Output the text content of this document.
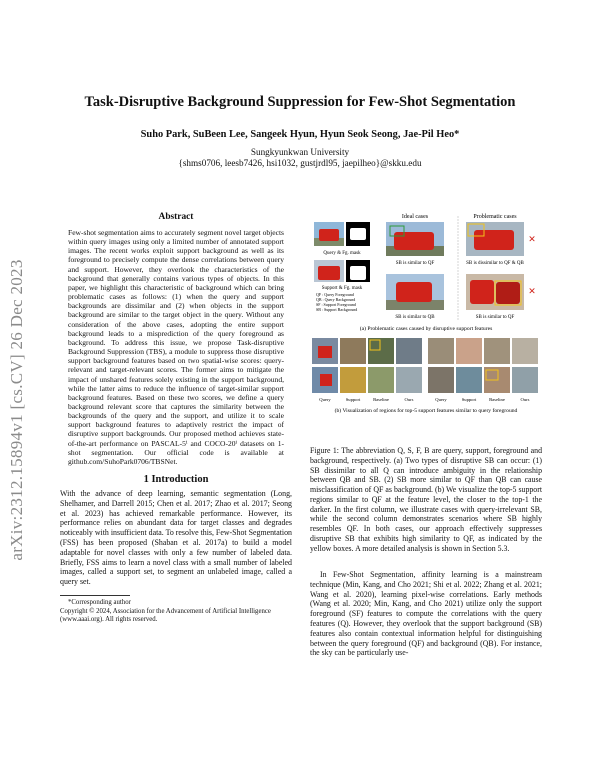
arXiv:2312.15894v1 [cs.CV] 26 Dec 2023
Task-Disruptive Background Suppression for Few-Shot Segmentation
Suho Park, SuBeen Lee, Sangeek Hyun, Hyun Seok Seong, Jae-Pil Heo*
Sungkyunkwan University
{shms0706, leesb7426, hsi1032, gustjrdl95, jaepilheo}@skku.edu
Abstract

Few-shot segmentation aims to accurately segment novel target objects within query images using only a limited number of annotated support images. The recent works exploit support background as well as its foreground to precisely compute the dense correlations between query and support. However, they overlook the characteristics of the background that generally contains various types of objects. In this paper, we highlight this characteristic of background which can bring problematic cases as follows: (1) when the query and support backgrounds are dissimilar and (2) when objects in the support background are similar to the target object in the query. Without any consideration of the above cases, adopting the entire support background leads to a misprediction of the query foreground as background. To address this issue, we propose Task-disruptive Background Suppression (TBS), a module to suppress those disruptive support background features based on two spatial-wise scores: query-relevant and target-relevant scores. The former aims to mitigate the impact of unshared features solely existing in the support background, while the latter aims to reduce the influence of target-similar support background features. Based on these two scores, we define a query background relevant score that captures the similarity between the backgrounds of the query and the support, and utilize it to scale support background features to adaptively restrict the impact of disruptive support backgrounds. Our proposed method achieves state-of-the-art performance on PASCAL-5ⁱ and COCO-20ⁱ datasets on 1-shot segmentation. Our official code is available at github.com/SuhoPark0706/TBSNet.

1 Introduction

With the advance of deep learning, semantic segmentation (Long, Shelhamer, and Darrell 2015; Chen et al. 2017; Zhao et al. 2017; Seong et al. 2023) has achieved remarkable performance. However, its performance relies on abundant data for target classes and degrades noticeably with insufficient data. To resolve this, Few-Shot Segmentation (FSS) has been proposed (Shaban et al. 2017a) to build a model adaptable for novel classes with only a few number of labeled data. Briefly, FSS aims to learn a novel class with a small number of labeled images, called a support set, to segment an unlabeled image, called a query set.

*Corresponding author

Copyright © 2024, Association for the Advancement of Artificial Intelligence (www.aaai.org). All rights reserved.

Ideal cases	Problematic cases
Query & Fg. mask
Support & Fg. mask
QF : Query Foreground
QB : Query Background
SF : Support Foreground
SB : Support Background
SB is similar to QF
SB is similar to QB
✕
SB is dissimilar to QF & QB
✕
SB is similar to QF
(a) Problematic cases caused by disruptive support features
Query	Support	Baseline	Ours	Query	Support	Baseline	Ours
(b) Visualization of regions for top-5 support features similar to query foreground

Figure 1: The abbreviation Q, S, F, B are query, support, foreground and background, respectively. (a) Two types of disruptive SB can occur: (1) SB dissimilar to all Q can introduce ambiguity in the relationship between QB and SB. (2) SB more similar to QF than QB can cause misclassification of QF as background. (b) We visualize the top-5 support regions similar to QF at the feature level, the closer to the top-1 the darker. In the first column, we illustrate cases with query-irrelevant SB, while the second column demonstrates scenarios where SB highly resembles QF. In both cases, our approach effectively suppresses disruptive SB that exhibits high similarity to QF, as indicated by the yellow boxes. A more detailed analysis is shown in Section 5.3.

In Few-Shot Segmentation, affinity learning is a mainstream technique (Min, Kang, and Cho 2021; Shi et al. 2022; Zhang et al. 2021; Wang et al. 2020), learning pixel-wise correlations. Early methods (Wang et al. 2020; Min, Kang, and Cho 2021) utilize only the support foreground (SF) features to compute the correlations with the query features (Q). However, they overlook that the support background (SB) features also contain contextual information helpful for distinguishing between the query foreground (QF) and background (QB). For instance, the sky can be particularly use-
